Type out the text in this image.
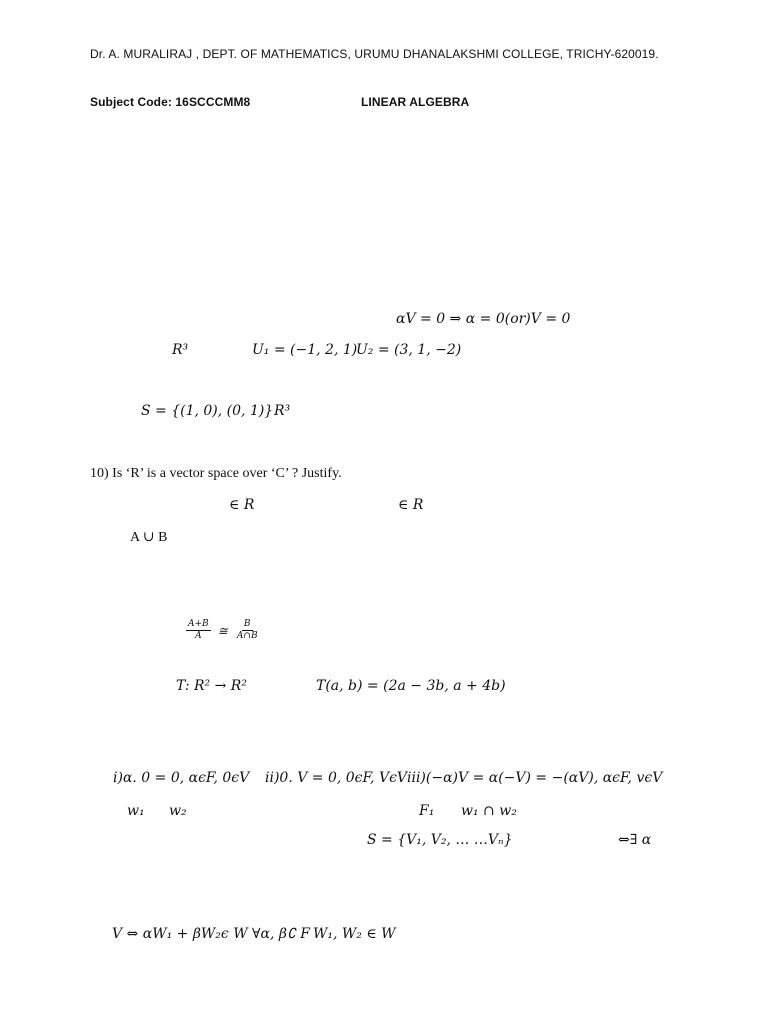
Dr. A. MURALIRAJ , DEPT. OF MATHEMATICS, URUMU DHANALAKSHMI COLLEGE, TRICHY-620019.
Subject Code: 16SCCCMM8	LINEAR ALGEBRA
αV = 0 ⇒ α = 0(or)V = 0
R³	U₁ = (−1, 2, 1)
U₂ = (3, 1, −2)
S = {(1, 0), (0, 1)} R³
10) Is ‘R’ is a vector space over ‘C’ ? Justify.
∈ R	∈ R
A ∪ B
$\frac{A+B}{A}$ ≅ $\frac{B}{A\cap B}$
T: R² → R²	T(a, b) = (2a − 3b, a + 4b)
i)α. 0 = 0, αϵF, 0ϵV ii)0. V = 0, 0ϵF, VϵV iii)(−α)V = α(−V) = −(αV), αϵF, vϵV
w₁ w₂	F₁ w₁ ∩ w₂
S = {V₁, V₂, … …Vₙ}	⇔∃ α
V ⇔ αW₁ + βW₂ϵ W ∀α, β∁ F W₁, W₂ ∈ W
